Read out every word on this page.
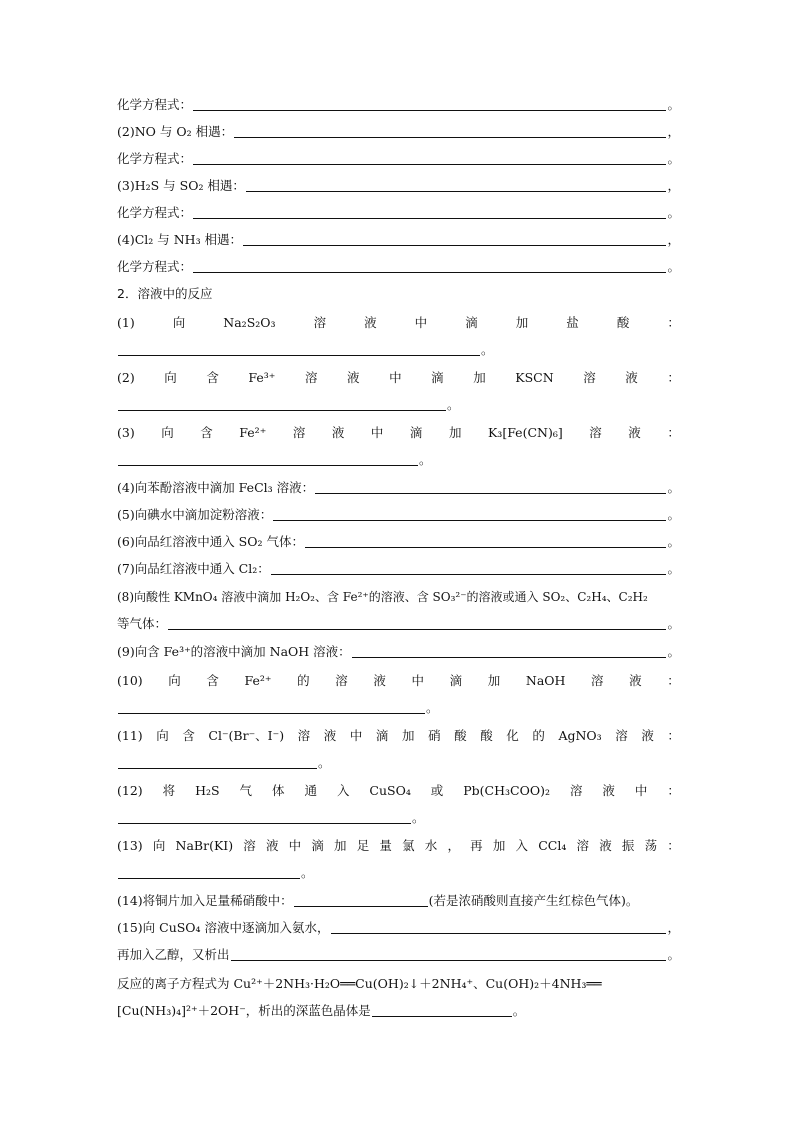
化学方程式：	。
(2)NO 与 O₂ 相遇：	，
化学方程式：	。
(3)H₂S 与 SO₂ 相遇：	，
化学方程式：	。
(4)Cl₂ 与 NH₃ 相遇：	，
化学方程式：	。
2．溶液中的反应
(1)	向	Na₂S₂O₃	溶	液	中	滴	加	盐	酸	：
。
(2) 向 含 Fe³⁺ 溶 液 中 滴 加 KSCN 溶 液 ：
。
(3) 向 含 Fe²⁺ 溶 液 中 滴 加 K₃[Fe(CN)₆] 溶 液 ：
。
(4)向苯酚溶液中滴加 FeCl₃ 溶液：	。
(5)向碘水中滴加淀粉溶液：	。
(6)向品红溶液中通入 SO₂ 气体：	。
(7)向品红溶液中通入 Cl₂：	。
(8)向酸性 KMnO₄ 溶液中滴加 H₂O₂、含 Fe²⁺的溶液、含 SO₃²⁻的溶液或通入 SO₂、C₂H₄、C₂H₂
等气体：	。
(9)向含 Fe³⁺的溶液中滴加 NaOH 溶液：	。
(10) 向 含 Fe²⁺ 的 溶 液 中 滴 加 NaOH 溶 液 ：
。
(11) 向 含 Cl⁻(Br⁻、I⁻) 溶 液 中 滴 加 硝 酸 酸 化 的 AgNO₃ 溶 液 ：
。
(12) 将 H₂S 气 体 通 入 CuSO₄ 或 Pb(CH₃COO)₂ 溶 液 中 ：
。
(13) 向 NaBr(KI) 溶 液 中 滴 加 足 量 氯 水 ， 再 加 入 CCl₄ 溶 液 振 荡 ：
。
(14)将铜片加入足量稀硝酸中：	(若是浓硝酸则直接产生红棕色气体)。
(15)向 CuSO₄ 溶液中逐滴加入氨水，	，
再加入乙醇，又析出	。
反应的离子方程式为 Cu²⁺＋2NH₃·H₂O══Cu(OH)₂↓＋2NH₄⁺、Cu(OH)₂＋4NH₃══
[Cu(NH₃)₄]²⁺＋2OH⁻，析出的深蓝色晶体是	。
